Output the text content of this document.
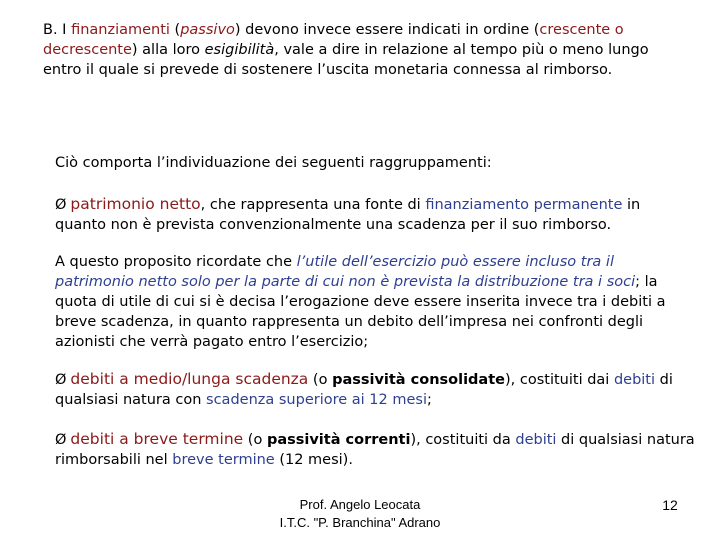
B. I finanziamenti (passivo) devono invece essere indicati in ordine (crescente o decrescente) alla loro esigibilità, vale a dire in relazione al tempo più o meno lungo entro il quale si prevede di sostenere l’uscita monetaria connessa al rimborso.
Ciò comporta l’individuazione dei seguenti raggruppamenti:
Ø patrimonio netto, che rappresenta una fonte di finanziamento permanente in quanto non è prevista convenzionalmente una scadenza per il suo rimborso.
A questo proposito ricordate che l’utile dell’esercizio può essere incluso tra il patrimonio netto solo per la parte di cui non è prevista la distribuzione tra i soci; la quota di utile di cui si è decisa l’erogazione deve essere inserita invece tra i debiti a breve scadenza, in quanto rappresenta un debito dell’impresa nei confronti degli azionisti che verrà pagato entro l’esercizio;
Ø debiti a medio/lunga scadenza (o passività consolidate), costituiti dai debiti di qualsiasi natura con scadenza superiore ai 12 mesi;
Ø debiti a breve termine (o passività correnti), costituiti da debiti di qualsiasi natura rimborsabili nel breve termine (12 mesi).
Prof. Angelo Leocata
I.T.C. "P. Branchina" Adrano
12
